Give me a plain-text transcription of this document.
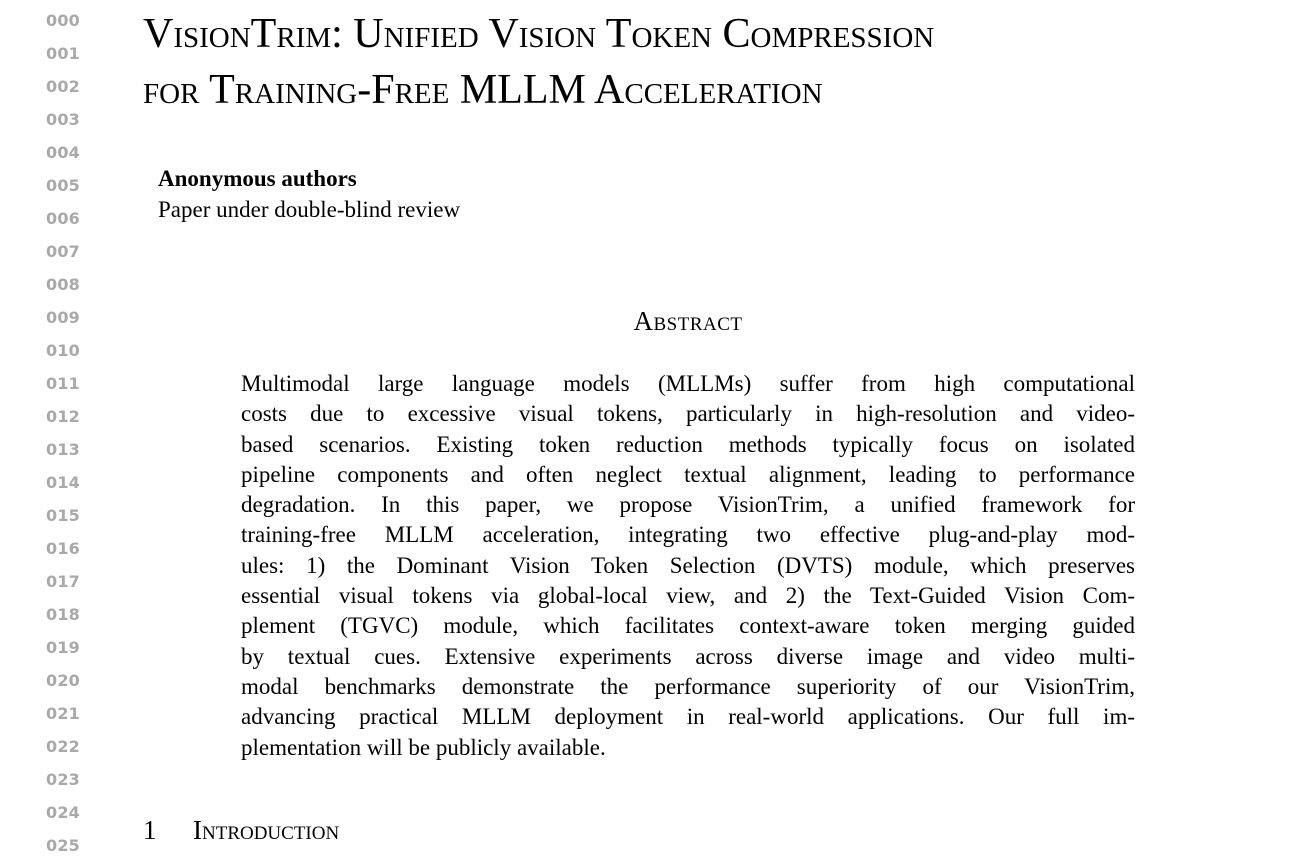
000
001
002
003
004
005
006
007
008
009
010
011
012
013
014
015
016
017
018
019
020
021
022
023
024
025
VisionTrim: Unified Vision Token Compression
for Training-Free MLLM Acceleration
Anonymous authors
Paper under double-blind review
Abstract
Multimodal large language models (MLLMs) suffer from high computational
costs due to excessive visual tokens, particularly in high-resolution and video-
based scenarios. Existing token reduction methods typically focus on isolated
pipeline components and often neglect textual alignment, leading to performance
degradation. In this paper, we propose VisionTrim, a unified framework for
training-free MLLM acceleration, integrating two effective plug-and-play mod-
ules: 1) the Dominant Vision Token Selection (DVTS) module, which preserves
essential visual tokens via global-local view, and 2) the Text-Guided Vision Com-
plement (TGVC) module, which facilitates context-aware token merging guided
by textual cues. Extensive experiments across diverse image and video multi-
modal benchmarks demonstrate the performance superiority of our VisionTrim,
advancing practical MLLM deployment in real-world applications. Our full im-
plementation will be publicly available.
1 Introduction
